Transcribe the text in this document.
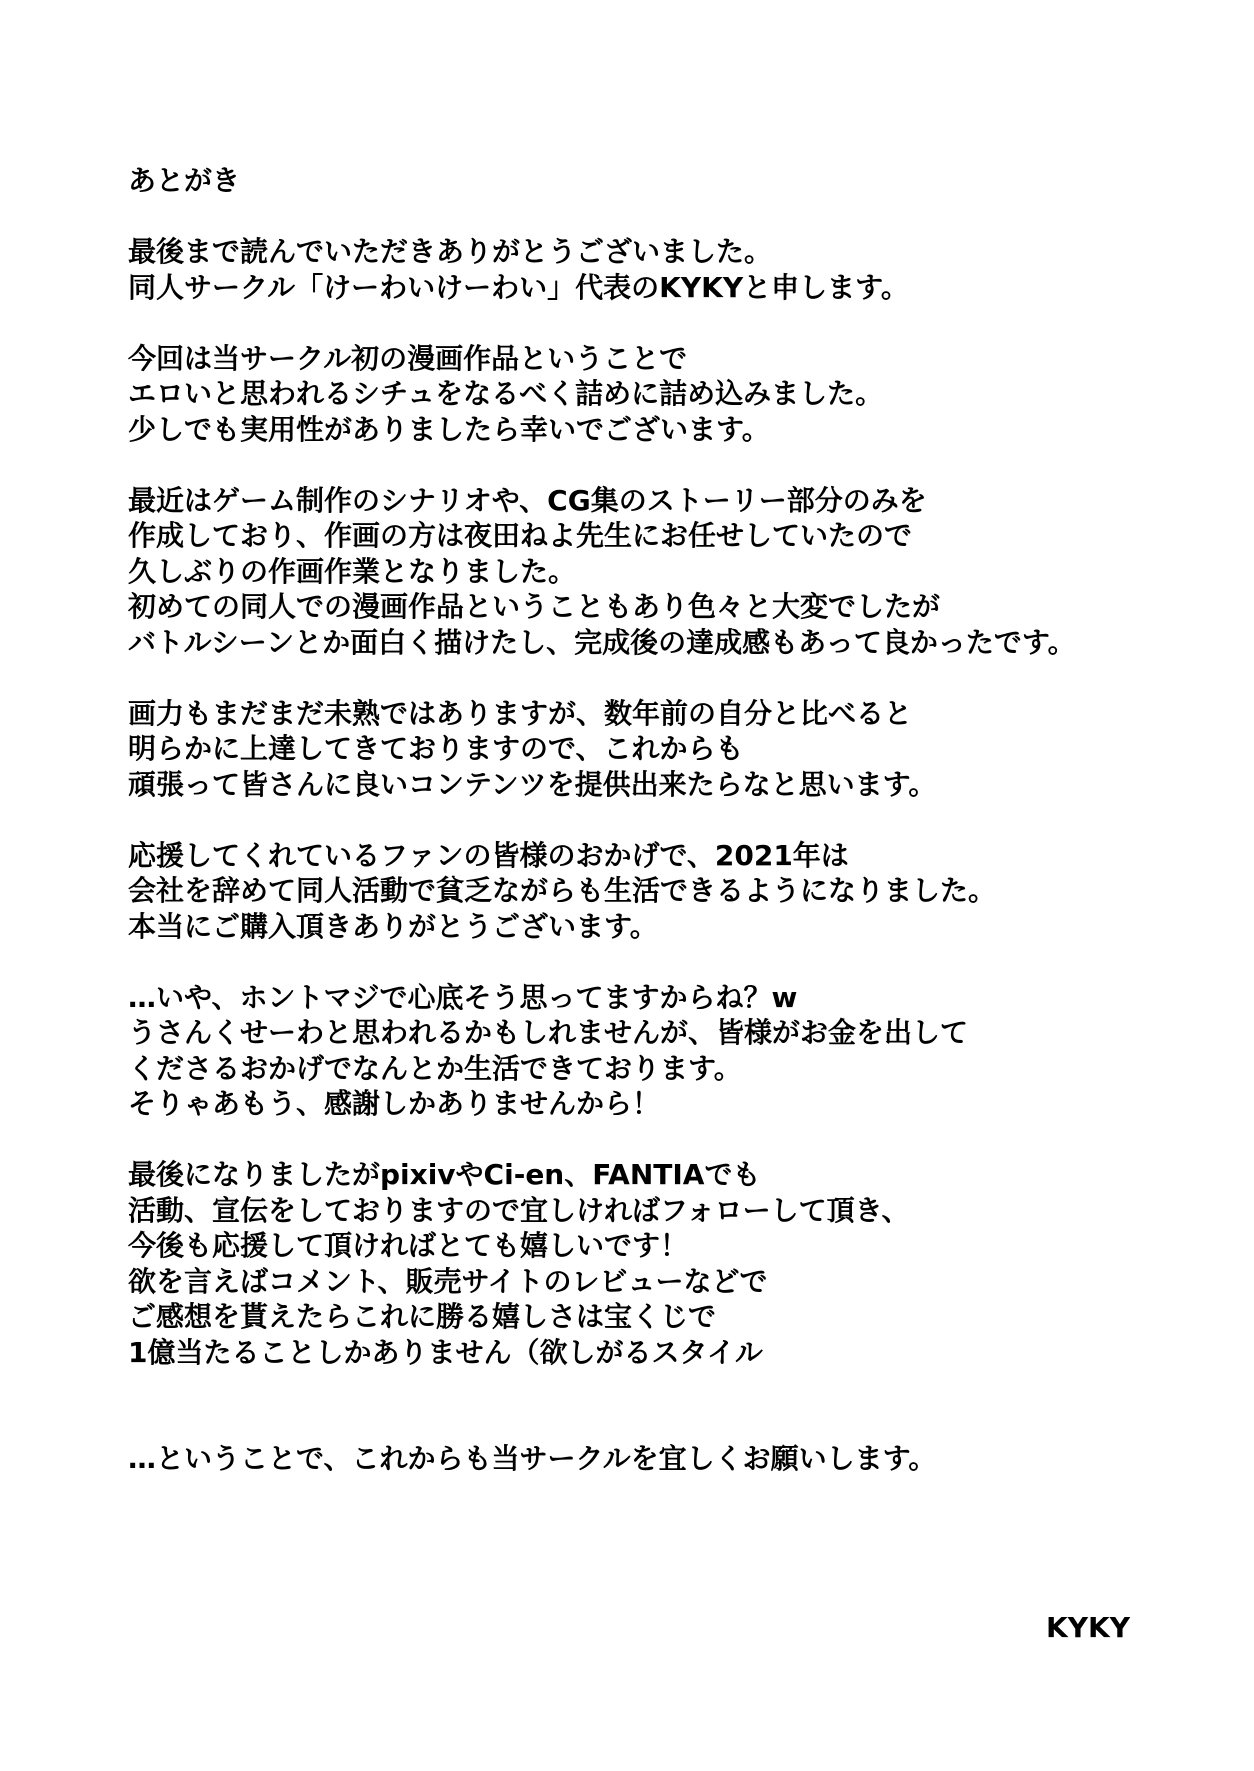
あとがき
最後まで読んでいただきありがとうございました。
同人サークル「けーわいけーわい」代表のKYKYと申します。
今回は当サークル初の漫画作品ということで
エロいと思われるシチュをなるべく詰めに詰め込みました。
少しでも実用性がありましたら幸いでございます。
最近はゲーム制作のシナリオや、CG集のストーリー部分のみを
作成しており、作画の方は夜田ねよ先生にお任せしていたので
久しぶりの作画作業となりました。
初めての同人での漫画作品ということもあり色々と大変でしたが
バトルシーンとか面白く描けたし、完成後の達成感もあって良かったです。
画力もまだまだ未熟ではありますが、数年前の自分と比べると
明らかに上達してきておりますので、これからも
頑張って皆さんに良いコンテンツを提供出来たらなと思います。
応援してくれているファンの皆様のおかげで、2021年は
会社を辞めて同人活動で貧乏ながらも生活できるようになりました。
本当にご購入頂きありがとうございます。
…いや、ホントマジで心底そう思ってますからね？w
うさんくせーわと思われるかもしれませんが、皆様がお金を出して
くださるおかげでなんとか生活できております。
そりゃあもう、感謝しかありませんから！
最後になりましたがpixivやCi-en、FANTIAでも
活動、宣伝をしておりますので宜しければフォローして頂き、
今後も応援して頂ければとても嬉しいです！
欲を言えばコメント、販売サイトのレビューなどで
ご感想を貰えたらこれに勝る嬉しさは宝くじで
1億当たることしかありません（欲しがるスタイル
…ということで、これからも当サークルを宜しくお願いします。
KYKY
